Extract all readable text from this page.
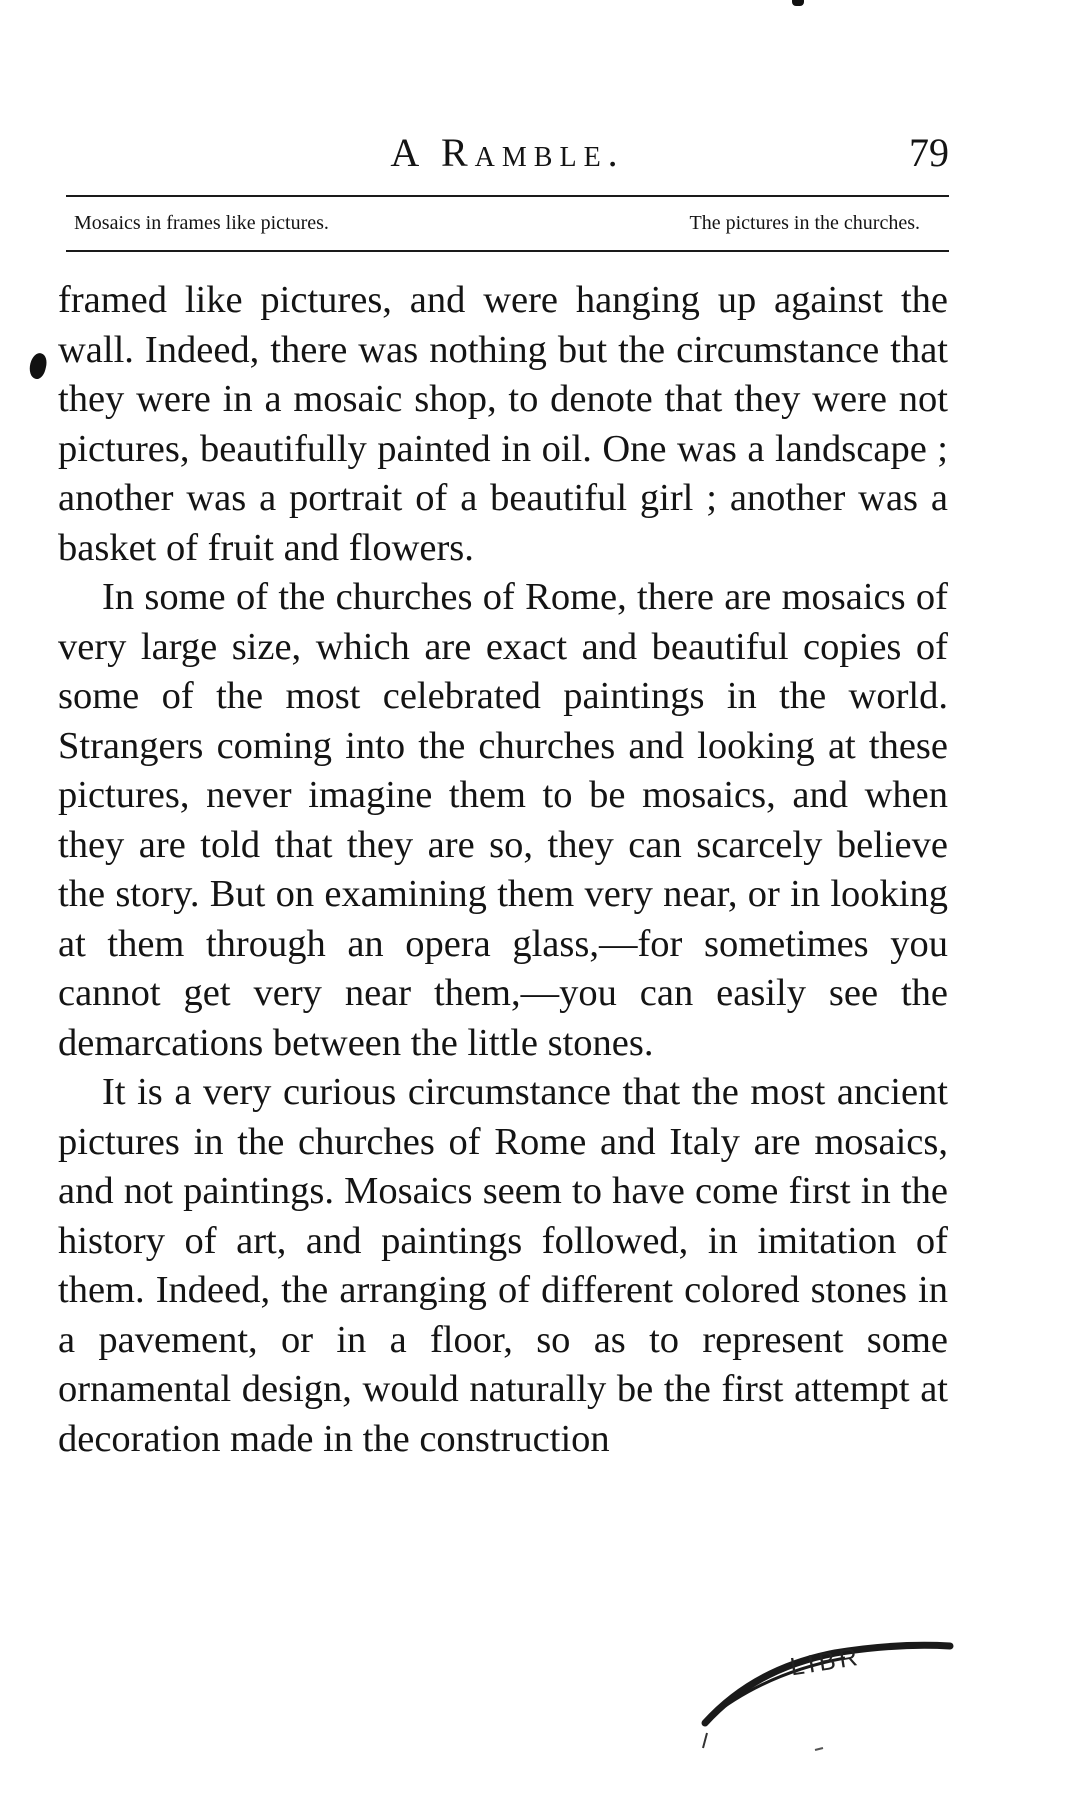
A Ramble.	79
Mosaics in frames like pictures.	The pictures in the churches.

framed like pictures, and were hanging up against the wall. Indeed, there was nothing but the circumstance that they were in a mosaic shop, to denote that they were not pictures, beautifully painted in oil. One was a landscape ; another was a portrait of a beautiful girl ; another was a basket of fruit and flowers.

In some of the churches of Rome, there are mosaics of very large size, which are exact and beautiful copies of some of the most celebrated paintings in the world. Strangers coming into the churches and looking at these pictures, never imagine them to be mosaics, and when they are told that they are so, they can scarcely believe the story. But on examining them very near, or in looking at them through an opera glass,—for sometimes you cannot get very near them,—you can easily see the demarcations between the little stones.

It is a very curious circumstance that the most ancient pictures in the churches of Rome and Italy are mosaics, and not paintings. Mosaics seem to have come first in the history of art, and paintings followed, in imitation of them. Indeed, the arranging of different colored stones in a pavement, or in a floor, so as to represent some ornamental design, would naturally be the first attempt at decoration made in the construction

LIBR
